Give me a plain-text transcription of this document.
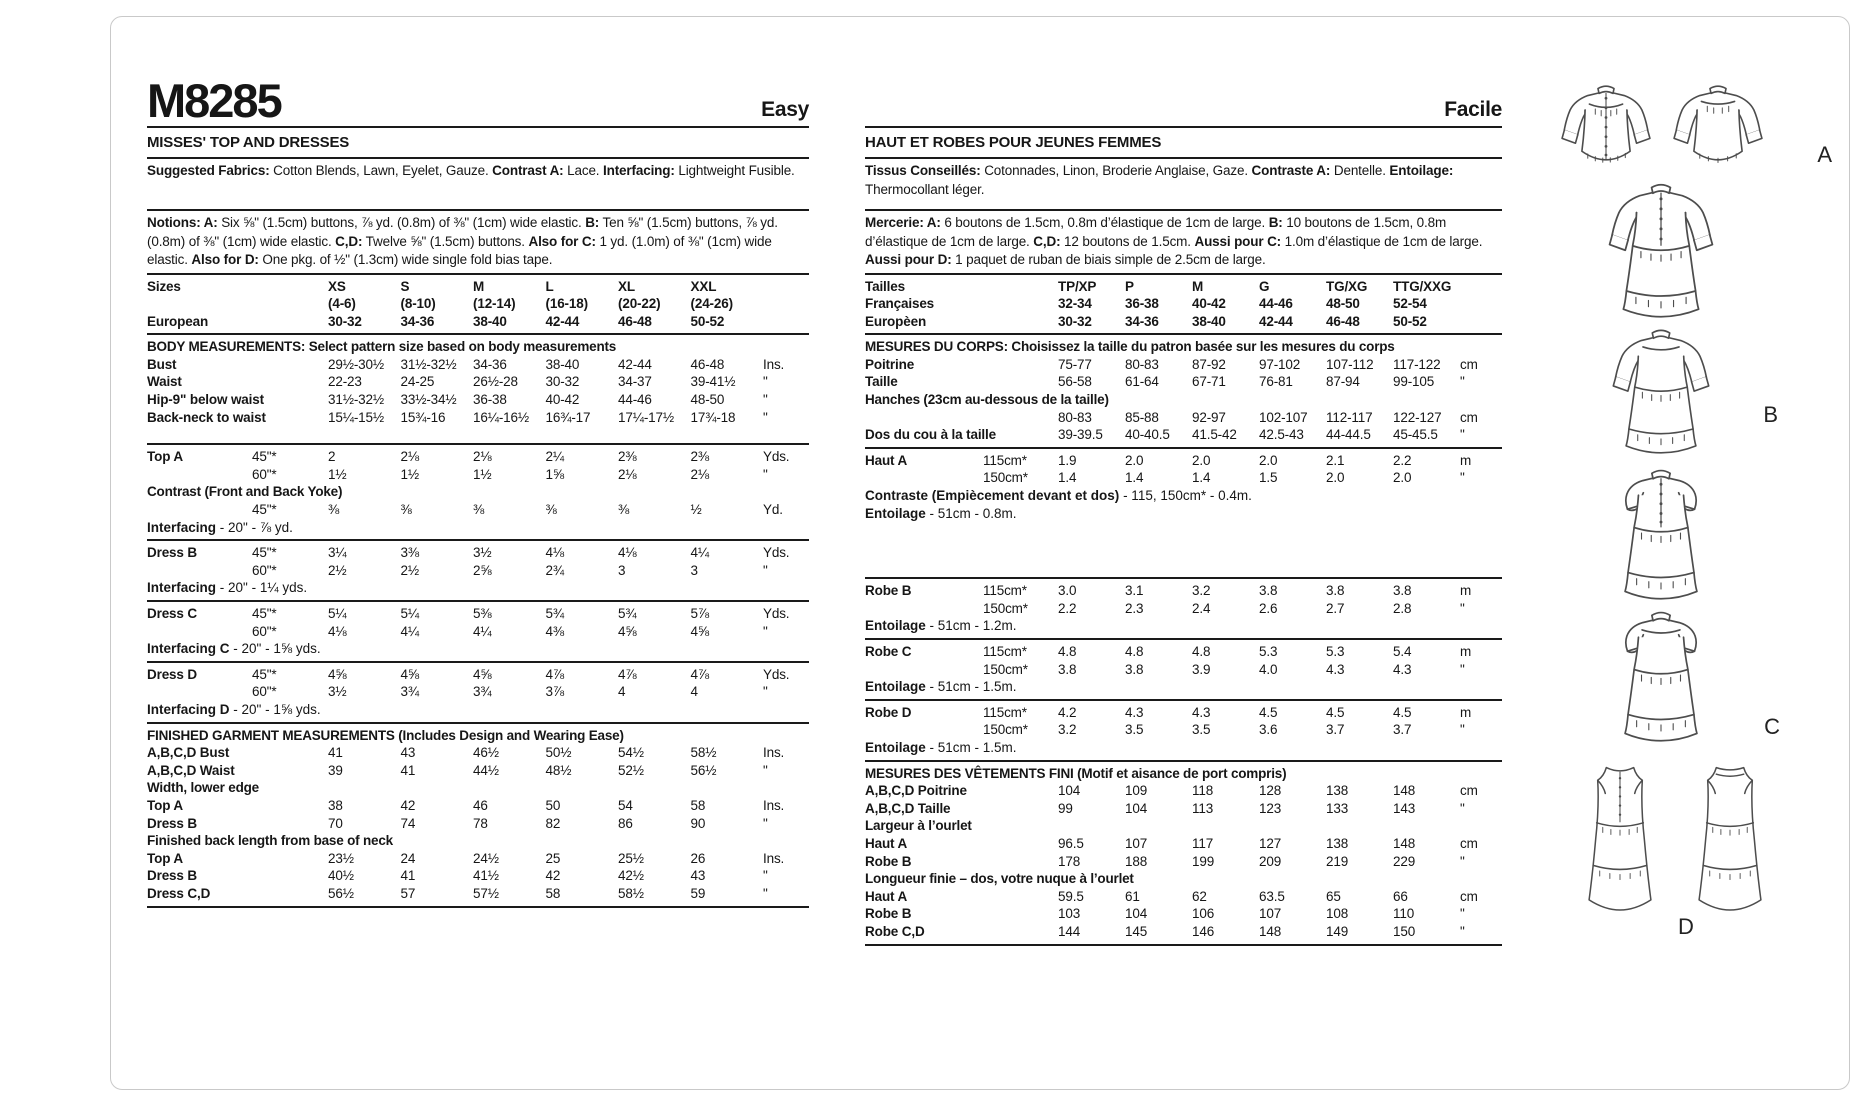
M8285	Easy
MISSES' TOP AND DRESSES

Suggested Fabrics: Cotton Blends, Lawn, Eyelet, Gauze. Contrast A: Lace. Interfacing: Lightweight Fusible.

Notions: A: Six ⅝" (1.5cm) buttons, ⅞ yd. (0.8m) of ⅜" (1cm) wide elastic. B: Ten ⅝" (1.5cm) buttons, ⅞ yd. (0.8m) of ⅜" (1cm) wide elastic. C,D: Twelve ⅝" (1.5cm) buttons. Also for C: 1 yd. (1.0m) of ⅜" (1cm) wide elastic. Also for D: One pkg. of ½" (1.3cm) wide single fold bias tape.

Sizes	XS	S	M	L	XL	XXL
(4-6)	(8-10)	(12-14)	(16-18)	(20-22)	(24-26)
European	30-32	34-36	38-40	42-44	46-48	50-52
BODY MEASUREMENTS: Select pattern size based on body measurements
Bust	29½-30½	31½-32½	34-36	38-40	42-44	46-48	Ins.
Waist	22-23	24-25	26½-28	30-32	34-37	39-41½	"
Hip-9" below waist	31½-32½	33½-34½	36-38	40-42	44-46	48-50	"
Back-neck to waist	15¼-15½	15¾-16	16¼-16½	16¾-17	17¼-17½	17¾-18	"
Top A	45"*	2	2⅛	2⅛	2¼	2⅜	2⅜	Yds.
60"*	1½	1½	1½	1⅝	2⅛	2⅛	"
Contrast (Front and Back Yoke)
45"*	⅜	⅜	⅜	⅜	⅜	½	Yd.
Interfacing - 20" - ⅞ yd.
Dress B	45"*	3¼	3⅜	3½	4⅛	4⅛	4¼	Yds.
60"*	2½	2½	2⅝	2¾	3	3	"
Interfacing - 20" - 1¼ yds.
Dress C	45"*	5¼	5¼	5⅜	5¾	5¾	5⅞	Yds.
60"*	4⅛	4¼	4¼	4⅜	4⅝	4⅝	"
Interfacing C - 20" - 1⅝ yds.
Dress D	45"*	4⅝	4⅝	4⅝	4⅞	4⅞	4⅞	Yds.
60"*	3½	3¾	3¾	3⅞	4	4	"
Interfacing D - 20" - 1⅝ yds.
FINISHED GARMENT MEASUREMENTS (Includes Design and Wearing Ease)
A,B,C,D Bust	41	43	46½	50½	54½	58½	Ins.
A,B,C,D Waist	39	41	44½	48½	52½	56½	"
Width, lower edge
Top A	38	42	46	50	54	58	Ins.
Dress B	70	74	78	82	86	90	"
Finished back length from base of neck
Top A	23½	24	24½	25	25½	26	Ins.
Dress B	40½	41	41½	42	42½	43	"
Dress C,D	56½	57	57½	58	58½	59	"
Facile
HAUT ET ROBES POUR JEUNES FEMMES

Tissus Conseillés: Cotonnades, Linon, Broderie Anglaise, Gaze. Contraste A: Dentelle. Entoilage: Thermocollant léger.

Mercerie: A: 6 boutons de 1.5cm, 0.8m d’élastique de 1cm de large. B: 10 boutons de 1.5cm, 0.8m d’élastique de 1cm de large. C,D: 12 boutons de 1.5cm. Aussi pour C: 1.0m d’élastique de 1cm de large. Aussi pour D: 1 paquet de ruban de biais simple de 2.5cm de large.

Tailles	TP/XP	P	M	G	TG/XG	TTG/XXG
Françaises	32-34	36-38	40-42	44-46	48-50	52-54
Europèen	30-32	34-36	38-40	42-44	46-48	50-52
MESURES DU CORPS: Choisissez la taille du patron basée sur les mesures du corps
Poitrine	75-77	80-83	87-92	97-102	107-112	117-122	cm
Taille	56-58	61-64	67-71	76-81	87-94	99-105	"
Hanches (23cm au-dessous de la taille)
80-83	85-88	92-97	102-107	112-117	122-127	cm
Dos du cou à la taille	39-39.5	40-40.5	41.5-42	42.5-43	44-44.5	45-45.5	"
Haut A	115cm*	1.9	2.0	2.0	2.0	2.1	2.2	m
150cm*	1.4	1.4	1.4	1.5	2.0	2.0	"
Contraste (Empiècement devant et dos) - 115, 150cm* - 0.4m.
Entoilage - 51cm - 0.8m.
Robe B	115cm*	3.0	3.1	3.2	3.8	3.8	3.8	m
150cm*	2.2	2.3	2.4	2.6	2.7	2.8	"
Entoilage - 51cm - 1.2m.
Robe C	115cm*	4.8	4.8	4.8	5.3	5.3	5.4	m
150cm*	3.8	3.8	3.9	4.0	4.3	4.3	"
Entoilage - 51cm - 1.5m.
Robe D	115cm*	4.2	4.3	4.3	4.5	4.5	4.5	m
150cm*	3.2	3.5	3.5	3.6	3.7	3.7	"
Entoilage - 51cm - 1.5m.
MESURES DES VÊTEMENTS FINI (Motif et aisance de port compris)
A,B,C,D Poitrine	104	109	118	128	138	148	cm
A,B,C,D Taille	99	104	113	123	133	143	"
Largeur à l’ourlet
Haut A	96.5	107	117	127	138	148	cm
Robe B	178	188	199	209	219	229	"
Longueur finie – dos, votre nuque à l’ourlet
Haut A	59.5	61	62	63.5	65	66	cm
Robe B	103	104	106	107	108	110	"
Robe C,D	144	145	146	148	149	150	"
A
B
C
D
